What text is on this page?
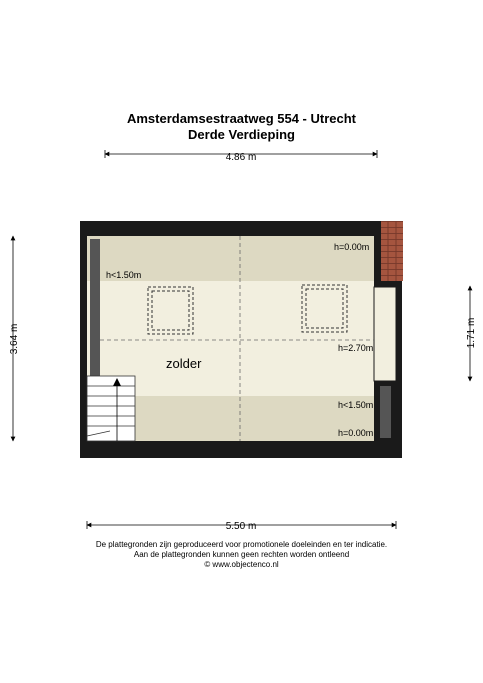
Amsterdamsestraatweg 554 - Utrecht
Derde Verdieping
4.86 m
3.64 m	1.71 m
5.50 m
zolder
h=0.00m
h<1.50m
h=2.70m
h<1.50m
h=0.00m
De plattegronden zijn geproduceerd voor promotionele doeleinden en ter indicatie.
Aan de plattegronden kunnen geen rechten worden ontleend
© www.objectenco.nl
